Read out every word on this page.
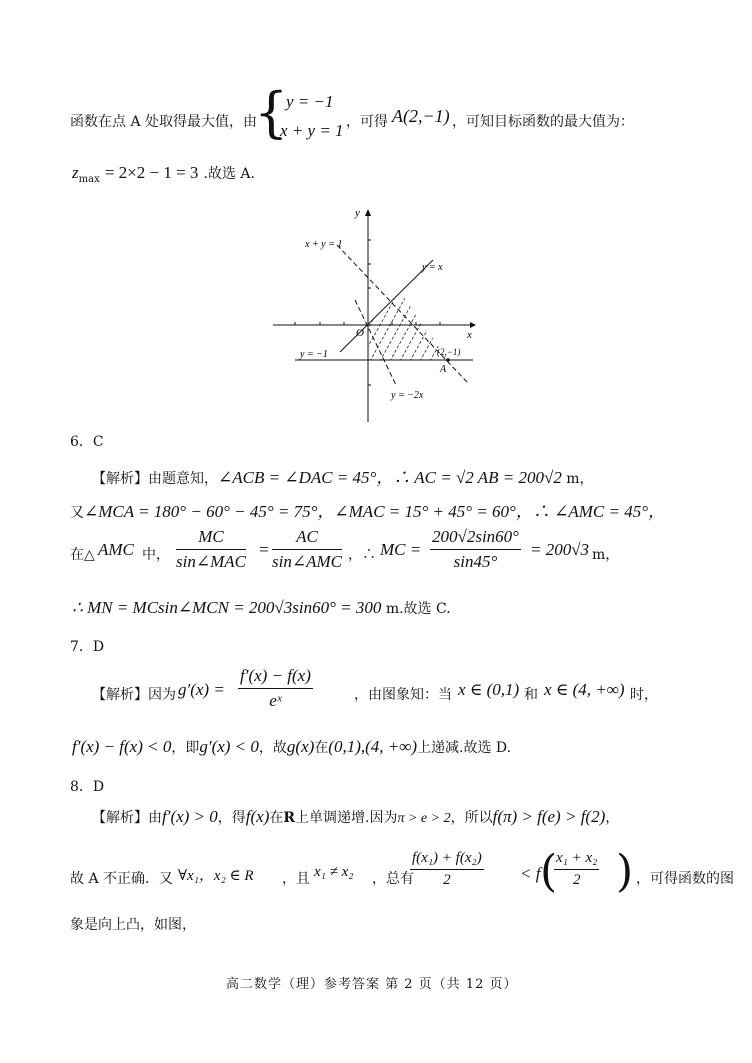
函数在点 A 处取得最大值，由
{
y = −1
x + y = 1 ，可得 A(2,−1) ，可知目标函数的最大值为：
$z_{max} = 2\times 2 - 1 = 3$ .故选 A.
y
x
O
x + y = 1
y = x
y = −1	(2,−1)
A
y = −2x
6．C
【解析】由题意知，∠ACB = ∠DAC = 45°，∴ AC = √2 AB = 200√2 m，
又∠MCA = 180° − 60° − 45° = 75°，∠MAC = 15° + 45° = 60°，∴ ∠AMC = 45°，
在△ AMC 中，
MC
sin∠MAC
=
AC
sin∠AMC ，∴ MC = $\frac{200√2\sin 60^\circ}{\sin 45^\circ} = 200√3$ m，
∴ MN = MCsin∠MCN = 200√3sin60° = 300 m.故选 C.
7．D
【解析】 因为 $g'(x) = \frac{f'(x) - f(x)}{\text{eˣ}}$	，由图象知：当 x ∈ (0,1) 和 x ∈ (4, +∞) 时，
f′(x) − f(x) < 0，即g′(x) < 0，故g(x)在(0,1),(4, +∞)上递减.故选 D.
8．D
【解析】由f′(x) > 0，得f(x)在R上单调递增.因为π > e > 2，所以f(π) > f(e) > f(2)，
故 A 不正确．又 ∀x₁，x₂ ∈ R ，且 x₁ ≠ x₂ ，总有
$\frac{\text{f(x₁) + f(x₂)}}{2} < f$ (
$\frac{\text{x₁ + x₂}}{2}$ ) ，可得函数的图
象是向上凸，如图，
高二数学（理）参考答案 第 2 页（共 12 页）
